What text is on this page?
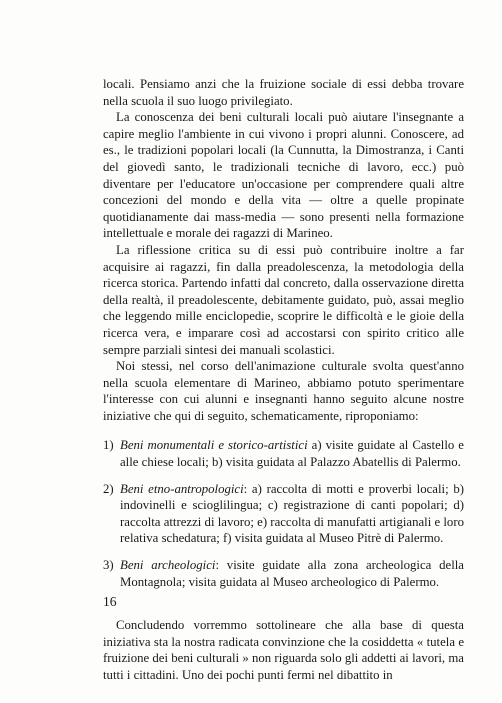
locali. Pensiamo anzi che la fruizione sociale di essi debba trovare nella scuola il suo luogo privilegiato.

La conoscenza dei beni culturali locali può aiutare l'insegnante a capire meglio l'ambiente in cui vivono i propri alunni. Conoscere, ad es., le tradizioni popolari locali (la Cunnutta, la Dimostranza, i Canti del giovedì santo, le tradizionali tecniche di lavoro, ecc.) può diventare per l'educatore un'occasione per comprendere quali altre concezioni del mondo e della vita — oltre a quelle propinate quotidianamente dai mass-media — sono presenti nella formazione intellettuale e morale dei ragazzi di Marineo.

La riflessione critica su di essi può contribuire inoltre a far acquisire ai ragazzi, fin dalla preadolescenza, la metodologia della ricerca storica. Partendo infatti dal concreto, dalla osservazione diretta della realtà, il preadolescente, debitamente guidato, può, assai meglio che leggendo mille enciclopedie, scoprire le difficoltà e le gioie della ricerca vera, e imparare così ad accostarsi con spirito critico alle sempre parziali sintesi dei manuali scolastici.

Noi stessi, nel corso dell'animazione culturale svolta quest'anno nella scuola elementare di Marineo, abbiamo potuto sperimentare l'interesse con cui alunni e insegnanti hanno seguito alcune nostre iniziative che qui di seguito, schematicamente, riproponiamo:

1) Beni monumentali e storico-artistici a) visite guidate al Castello e alle chiese locali; b) visita guidata al Palazzo Abatellis di Palermo.
2) Beni etno-antropologici: a) raccolta di motti e proverbi locali; b) indovinelli e scioglilingua; c) registrazione di canti popolari; d) raccolta attrezzi di lavoro; e) raccolta di manufatti artigianali e loro relativa schedatura; f) visita guidata al Museo Pitrè di Palermo.
3) Beni archeologici: visite guidate alla zona archeologica della Montagnola; visita guidata al Museo archeologico di Palermo.

Concludendo vorremmo sottolineare che alla base di questa iniziativa sta la nostra radicata convinzione che la cosiddetta « tutela e fruizione dei beni culturali » non riguarda solo gli addetti ai lavori, ma tutti i cittadini. Uno dei pochi punti fermi nel dibattito in

16
